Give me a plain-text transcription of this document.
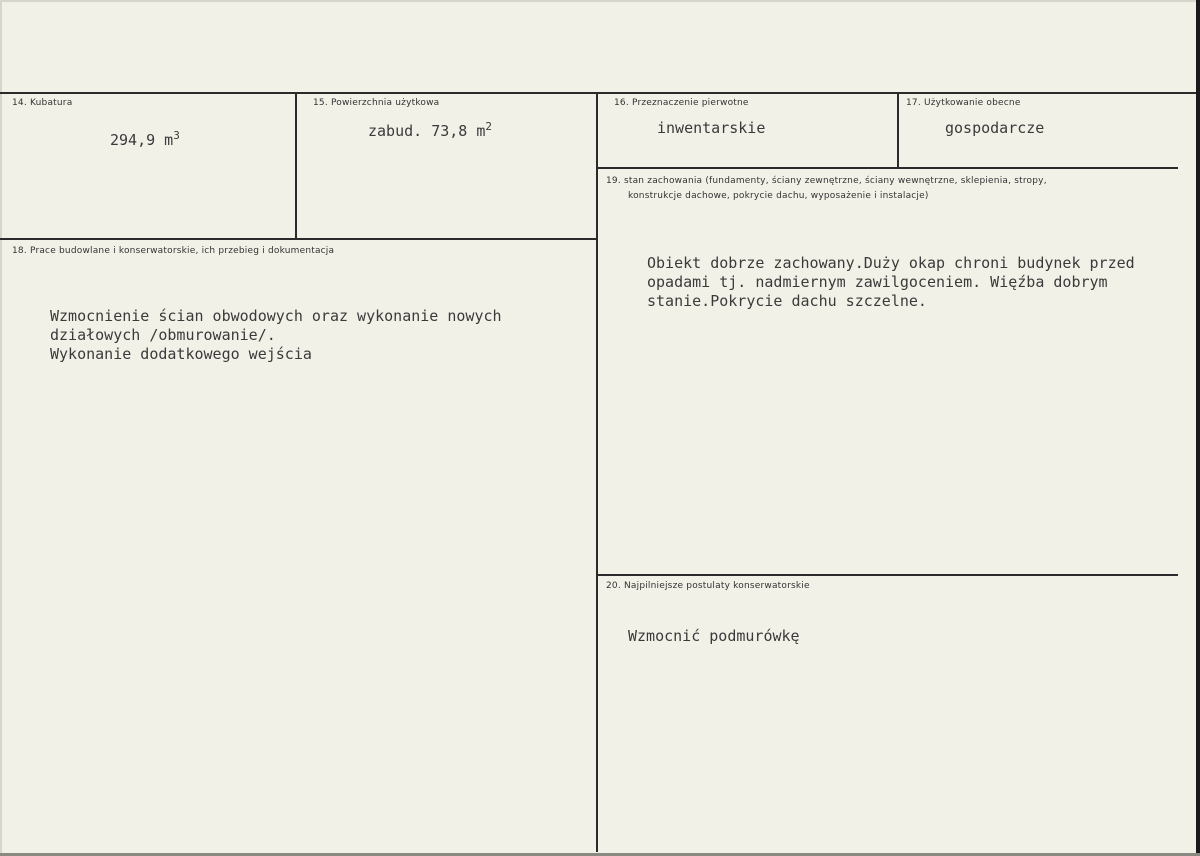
14. Kubatura
294,9 $m^3$
15. Powierzchnia użytkowa
zabud. 73,8 $m^2$
16. Przeznaczenie pierwotne
inwentarskie
17. Użytkowanie obecne
gospodarcze
18. Prace budowlane i konserwatorskie, ich przebieg i dokumentacja
Wzmocnienie ścian obwodowych oraz wykonanie nowych
działowych /obmurowanie/.
Wykonanie dodatkowego wejścia
19. stan zachowania (fundamenty, ściany zewnętrzne, ściany wewnętrzne, sklepienia, stropy,
konstrukcje dachowe, pokrycie dachu, wyposażenie i instalacje)
Obiekt dobrze zachowany.Duży okap chroni budynek przed
opadami tj. nadmiernym zawilgoceniem. Więźba dobrym
stanie.Pokrycie dachu szczelne.
20. Najpilniejsze postulaty konserwatorskie
Wzmocnić podmurówkę
